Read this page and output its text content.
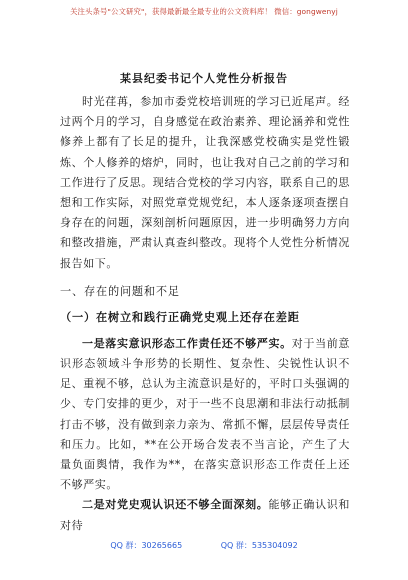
关注头条号"公文研究"，获得最新最全最专业的公文资料库！ 微信：gongwenyj
某县纪委书记个人党性分析报告

时光荏苒，参加市委党校培训班的学习已近尾声。经过两个月的学习，自身感觉在政治素养、理论涵养和党性修养上都有了长足的提升，让我深感党校确实是党性锻炼、个人修养的熔炉，同时，也让我对自己之前的学习和工作进行了反思。现结合党校的学习内容，联系自己的思想和工作实际，对照党章党规党纪，本人逐条逐项查摆自身存在的问题，深刻剖析问题原因，进一步明确努力方向和整改措施，严肃认真查纠整改。现将个人党性分析情况报告如下。

一、存在的问题和不足

（一）在树立和践行正确党史观上还存在差距

一是落实意识形态工作责任还不够严实。对于当前意识形态领域斗争形势的长期性、复杂性、尖锐性认识不足、重视不够，总认为主流意识是好的，平时口头强调的少、专门安排的更少，对于一些不良思潮和非法行动抵制打击不够，没有做到亲力亲为、常抓不懈，层层传导责任和压力。比如，**在公开场合发表不当言论，产生了大量负面舆情，我作为**，在落实意识形态工作责任上还不够严实。

二是对党史观认识还不够全面深刻。能够正确认识和对待

QQ 群：30265665	QQ 群：535304092
